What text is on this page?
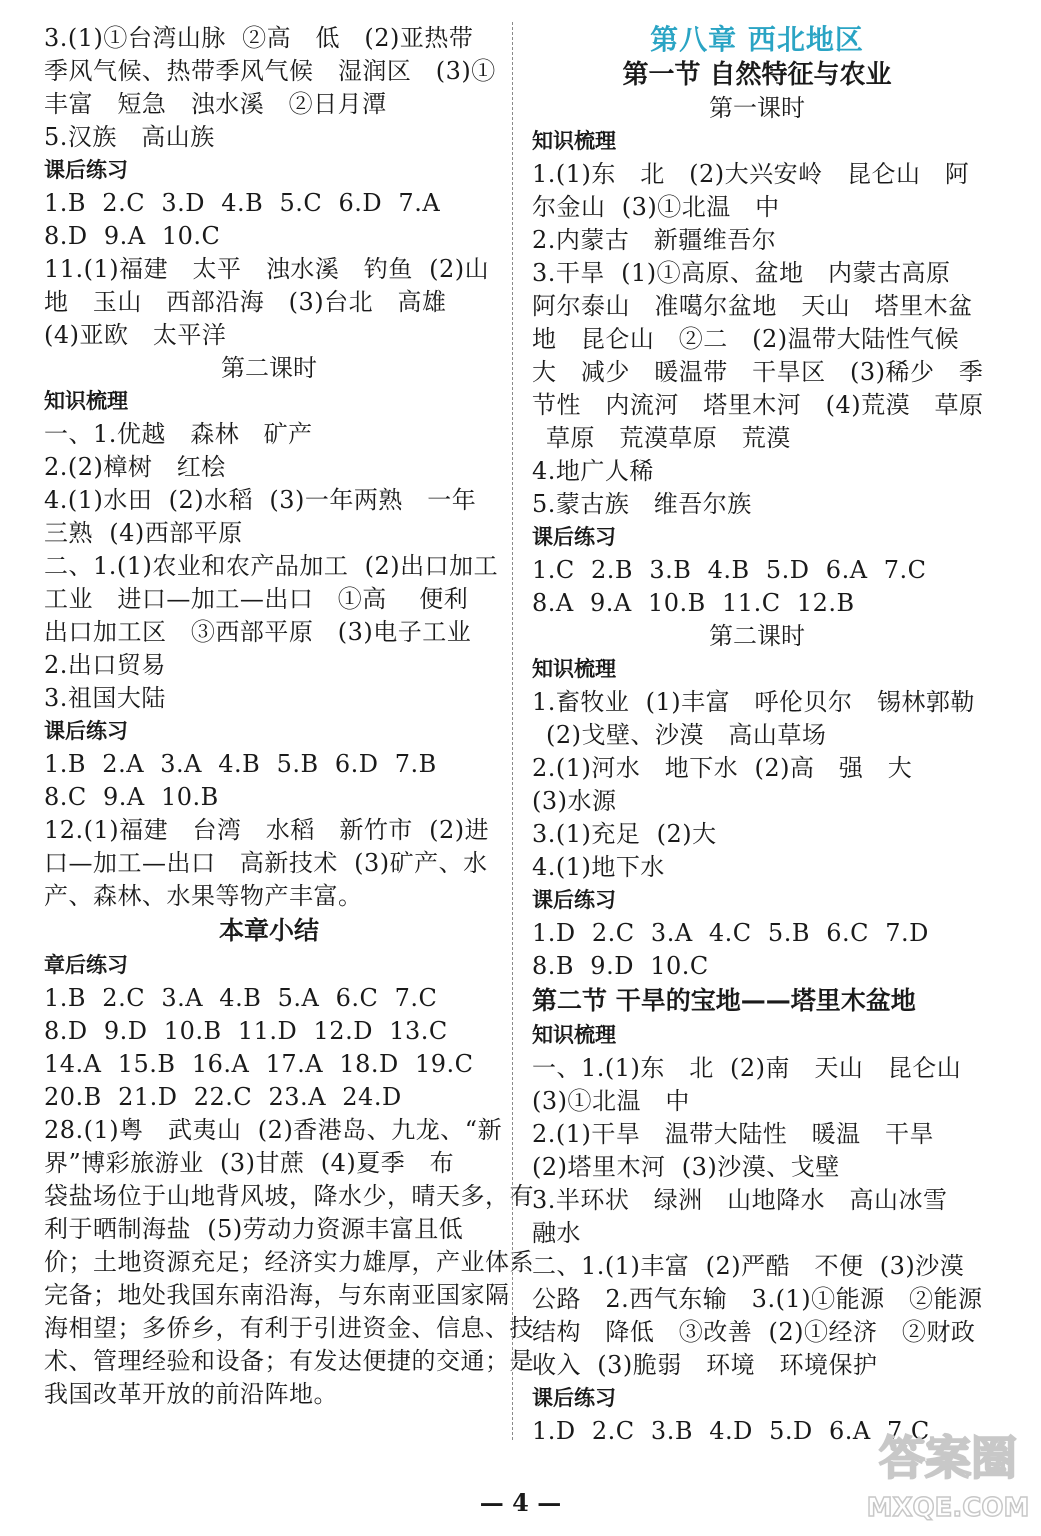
3.(1)①台湾山脉  ②高   低   (2)亚热带
季风气候、热带季风气候   湿润区   (3)①
丰富   短急   浊水溪   ②日月潭
5.汉族   高山族
课后练习
1.B  2.C  3.D  4.B  5.C  6.D  7.A
8.D  9.A  10.C
11.(1)福建   太平   浊水溪   钓鱼  (2)山
地   玉山   西部沿海   (3)台北   高雄
(4)亚欧   太平洋
第二课时
知识梳理
一、1.优越   森林   矿产
2.(2)樟树   红桧
4.(1)水田  (2)水稻  (3)一年两熟   一年
三熟  (4)西部平原
二、1.(1)农业和农产品加工  (2)出口加工
工业   进口—加工—出口   ①高    便利
出口加工区   ③西部平原   (3)电子工业
2.出口贸易
3.祖国大陆
课后练习
1.B  2.A  3.A  4.B  5.B  6.D  7.B
8.C  9.A  10.B
12.(1)福建   台湾   水稻   新竹市  (2)进
口—加工—出口   高新技术  (3)矿产、水
产、森林、水果等物产丰富。
本章小结
章后练习
1.B  2.C  3.A  4.B  5.A  6.C  7.C
8.D  9.D  10.B  11.D  12.D  13.C
14.A  15.B  16.A  17.A  18.D  19.C
20.B  21.D  22.C  23.A  24.D
28.(1)粤   武夷山  (2)香港岛、九龙、“新
界”博彩旅游业  (3)甘蔗  (4)夏季   布
袋盐场位于山地背风坡，降水少，晴天多，有
利于晒制海盐  (5)劳动力资源丰富且低
价；土地资源充足；经济实力雄厚，产业体系
完备；地处我国东南沿海，与东南亚国家隔
海相望；多侨乡，有利于引进资金、信息、技
术、管理经验和设备；有发达便捷的交通；是
我国改革开放的前沿阵地。
第八章 西北地区
第一节 自然特征与农业
第一课时
知识梳理
1.(1)东   北   (2)大兴安岭   昆仑山   阿
尔金山  (3)①北温   中
2.内蒙古   新疆维吾尔
3.干旱  (1)①高原、盆地   内蒙古高原
阿尔泰山   准噶尔盆地   天山   塔里木盆
地   昆仑山   ②二   (2)温带大陆性气候
大   减少   暖温带   干旱区   (3)稀少   季
节性   内流河   塔里木河   (4)荒漠   草原
草原   荒漠草原   荒漠
4.地广人稀
5.蒙古族   维吾尔族
课后练习
1.C  2.B  3.B  4.B  5.D  6.A  7.C
8.A  9.A  10.B  11.C  12.B
第二课时
知识梳理
1.畜牧业  (1)丰富   呼伦贝尔   锡林郭勒
(2)戈壁、沙漠   高山草场
2.(1)河水   地下水  (2)高   强   大
(3)水源
3.(1)充足  (2)大
4.(1)地下水
课后练习
1.D  2.C  3.A  4.C  5.B  6.C  7.D
8.B  9.D  10.C
第二节 干旱的宝地——塔里木盆地
知识梳理
一、1.(1)东   北  (2)南   天山   昆仑山
(3)①北温   中
2.(1)干旱   温带大陆性   暖温   干旱
(2)塔里木河  (3)沙漠、戈壁
3.半环状   绿洲   山地降水   高山冰雪
融水
二、1.(1)丰富  (2)严酷   不便  (3)沙漠
公路   2.西气东输   3.(1)①能源   ②能源
结构   降低   ③改善  (2)①经济   ②财政
收入  (3)脆弱   环境   环境保护
课后练习
1.D  2.C  3.B  4.D  5.D  6.A  7.C
— 4 —
答案圈
MXQE.COM
